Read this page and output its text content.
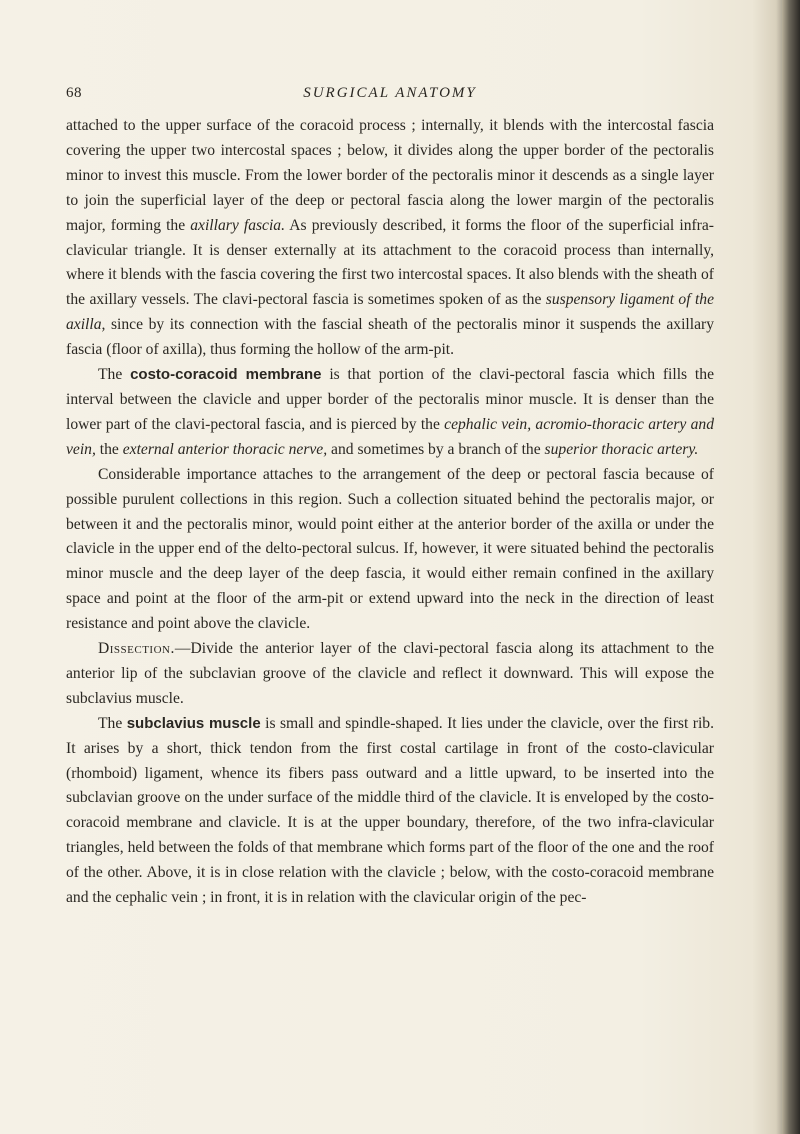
68	SURGICAL ANATOMY

attached to the upper surface of the coracoid process ; internally, it blends with the intercostal fascia covering the upper two intercostal spaces ; below, it divides along the upper border of the pectoralis minor to invest this muscle. From the lower border of the pectoralis minor it descends as a single layer to join the superficial layer of the deep or pectoral fascia along the lower margin of the pectoralis major, forming the axillary fascia. As previously described, it forms the floor of the superficial infra-clavicular triangle. It is denser externally at its attachment to the coracoid process than internally, where it blends with the fascia covering the first two intercostal spaces. It also blends with the sheath of the axillary vessels. The clavi-pectoral fascia is sometimes spoken of as the suspensory ligament of the axilla, since by its connection with the fascial sheath of the pectoralis minor it suspends the axillary fascia (floor of axilla), thus forming the hollow of the arm-pit.

The costo-coracoid membrane is that portion of the clavi-pectoral fascia which fills the interval between the clavicle and upper border of the pectoralis minor muscle. It is denser than the lower part of the clavi-pectoral fascia, and is pierced by the cephalic vein, acromio-thoracic artery and vein, the external anterior thoracic nerve, and sometimes by a branch of the superior thoracic artery.

Considerable importance attaches to the arrangement of the deep or pectoral fascia because of possible purulent collections in this region. Such a collection situated behind the pectoralis major, or between it and the pectoralis minor, would point either at the anterior border of the axilla or under the clavicle in the upper end of the delto-pectoral sulcus. If, however, it were situated behind the pectoralis minor muscle and the deep layer of the deep fascia, it would either remain confined in the axillary space and point at the floor of the arm-pit or extend upward into the neck in the direction of least resistance and point above the clavicle.

Dissection.—Divide the anterior layer of the clavi-pectoral fascia along its attachment to the anterior lip of the subclavian groove of the clavicle and reflect it downward. This will expose the subclavius muscle.

The subclavius muscle is small and spindle-shaped. It lies under the clavicle, over the first rib. It arises by a short, thick tendon from the first costal cartilage in front of the costo-clavicular (rhomboid) ligament, whence its fibers pass outward and a little upward, to be inserted into the subclavian groove on the under surface of the middle third of the clavicle. It is enveloped by the costo-coracoid membrane and clavicle. It is at the upper boundary, therefore, of the two infra-clavicular triangles, held between the folds of that membrane which forms part of the floor of the one and the roof of the other. Above, it is in close relation with the clavicle ; below, with the costo-coracoid membrane and the cephalic vein ; in front, it is in relation with the clavicular origin of the pec-
